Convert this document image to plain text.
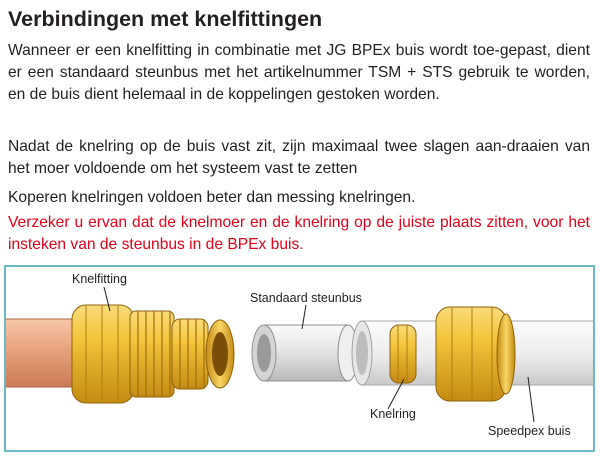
Verbindingen met knelfittingen

Wanneer er een knelfitting in combinatie met JG BPEx buis wordt toe-gepast, dient er een standaard steunbus met het artikelnummer TSM + STS gebruik te worden, en de buis dient helemaal in de koppelingen gestoken worden.

Nadat de knelring op de buis vast zit, zijn maximaal twee slagen aan-draaien van het moer voldoende om het systeem vast te zetten

Koperen knelringen voldoen beter dan messing knelringen.

Verzeker u ervan dat de knelmoer en de knelring op de juiste plaats zitten, voor het insteken van de steunbus in de BPEx buis.

Knelfitting
Standaard steunbus
Knelring
Speedpex buis
